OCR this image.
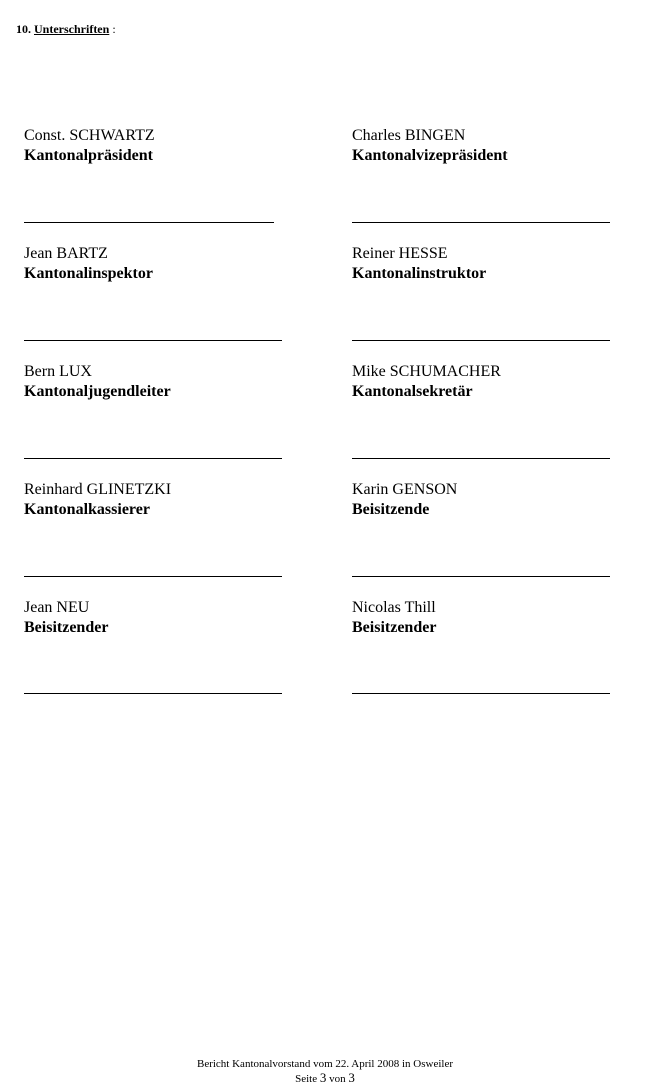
10. Unterschriften :
Const. SCHWARTZ
Kantonalpräsident
Charles BINGEN
Kantonalvizepräsident
Jean BARTZ
Kantonalinspektor
Reiner HESSE
Kantonalinstruktor
Bern LUX
Kantonaljugendleiter
Mike SCHUMACHER
Kantonalsekretär
Reinhard GLINETZKI
Kantonalkassierer
Karin GENSON
Beisitzende
Jean NEU
Beisitzender
Nicolas Thill
Beisitzender
Bericht Kantonalvorstand vom 22. April 2008 in Osweiler
Seite 3 von 3
